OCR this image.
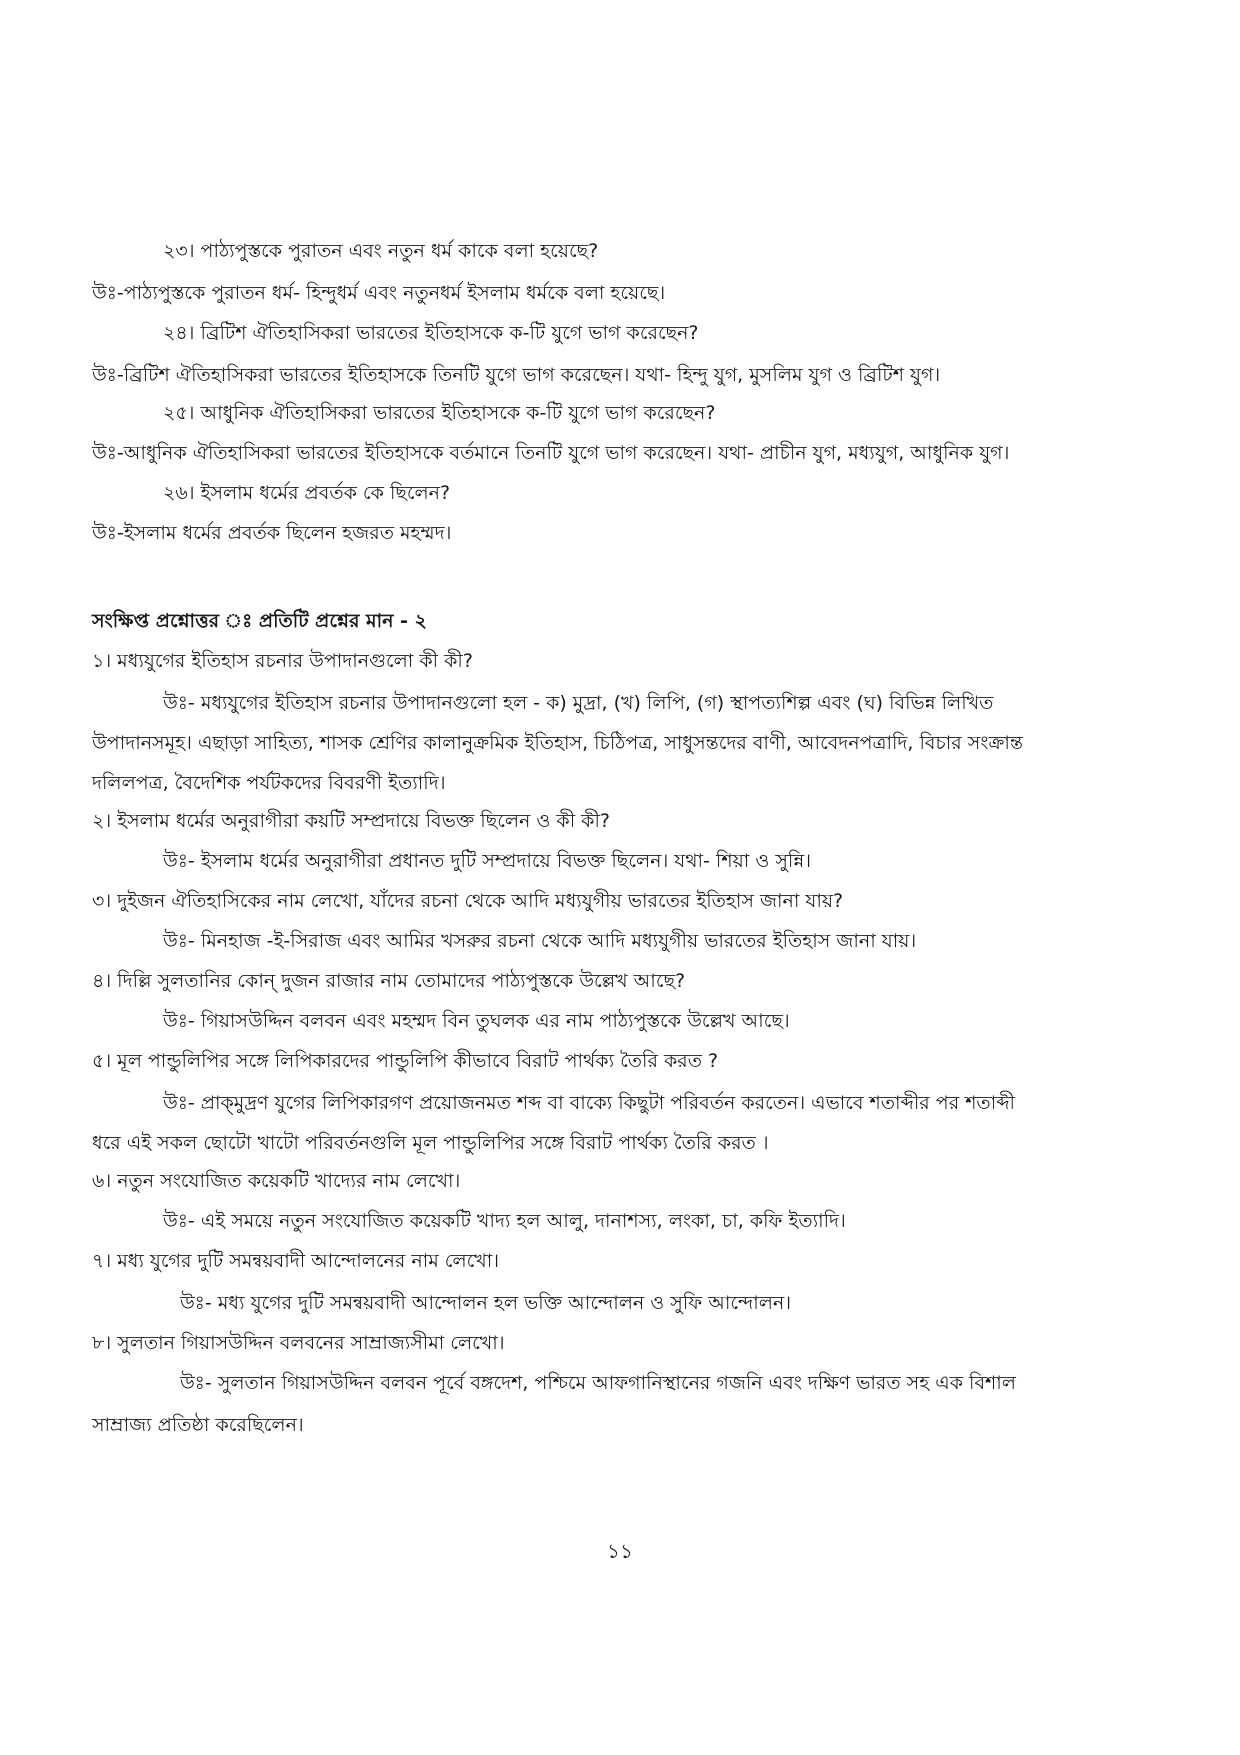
২৩। পাঠ্যপুস্তকে পুরাতন এবং নতুন ধর্ম কাকে বলা হয়েছে?
উঃ-পাঠ্যপুস্তকে পুরাতন ধর্ম- হিন্দুধর্ম এবং নতুনধর্ম ইসলাম ধর্মকে বলা হয়েছে।
২৪। ব্রিটিশ ঐতিহাসিকরা ভারতের ইতিহাসকে ক-টি যুগে ভাগ করেছেন?
উঃ-ব্রিটিশ ঐতিহাসিকরা ভারতের ইতিহাসকে তিনটি যুগে ভাগ করেছেন। যথা- হিন্দু যুগ, মুসলিম যুগ ও ব্রিটিশ যুগ।
২৫। আধুনিক ঐতিহাসিকরা ভারতের ইতিহাসকে ক-টি যুগে ভাগ করেছেন?
উঃ-আধুনিক ঐতিহাসিকরা ভারতের ইতিহাসকে বর্তমানে তিনটি যুগে ভাগ করেছেন। যথা- প্রাচীন যুগ, মধ্যযুগ, আধুনিক যুগ।
২৬। ইসলাম ধর্মের প্রবর্তক কে ছিলেন?
উঃ-ইসলাম ধর্মের প্রবর্তক ছিলেন হজরত মহম্মদ।
সংক্ষিপ্ত প্রশ্নোত্তর ঃ প্রতিটি প্রশ্নের মান - ২
১। মধ্যযুগের ইতিহাস রচনার উপাদানগুলো কী কী?
উঃ- মধ্যযুগের ইতিহাস রচনার উপাদানগুলো হল - ক) মুদ্রা, (খ) লিপি, (গ) স্থাপত্যশিল্প এবং (ঘ) বিভিন্ন লিখিত
উপাদানসমূহ। এছাড়া সাহিত্য, শাসক শ্রেণির কালানুক্রমিক ইতিহাস, চিঠিপত্র, সাধুসন্তদের বাণী, আবেদনপত্রাদি, বিচার সংক্রান্ত
দলিলপত্র, বৈদেশিক পর্যটকদের বিবরণী ইত্যাদি।
২। ইসলাম ধর্মের অনুরাগীরা কয়টি সম্প্রদায়ে বিভক্ত ছিলেন ও কী কী?
উঃ- ইসলাম ধর্মের অনুরাগীরা প্রধানত দুটি সম্প্রদায়ে বিভক্ত ছিলেন। যথা- শিয়া ও সুন্নি।
৩। দুইজন ঐতিহাসিকের নাম লেখো, যাঁদের রচনা থেকে আদি মধ্যযুগীয় ভারতের ইতিহাস জানা যায়?
উঃ- মিনহাজ -ই-সিরাজ এবং আমির খসরুর রচনা থেকে আদি মধ্যযুগীয় ভারতের ইতিহাস জানা যায়।
৪। দিল্লি সুলতানির কোন্ দুজন রাজার নাম তোমাদের পাঠ্যপুস্তকে উল্লেখ আছে?
উঃ- গিয়াসউদ্দিন বলবন এবং মহম্মদ বিন তুঘলক এর নাম পাঠ্যপুস্তকে উল্লেখ আছে।
৫। মূল পান্ডুলিপির সঙ্গে লিপিকারদের পান্ডুলিপি কীভাবে বিরাট পার্থক্য তৈরি করত ?
উঃ- প্রাক্‌মুদ্রণ যুগের লিপিকারগণ প্রয়োজনমত শব্দ বা বাক্যে কিছুটা পরিবর্তন করতেন। এভাবে শতাব্দীর পর শতাব্দী
ধরে এই সকল ছোটো খাটো পরিবর্তনগুলি মূল পান্ডুলিপির সঙ্গে বিরাট পার্থক্য তৈরি করত ।
৬। নতুন সংযোজিত কয়েকটি খাদ্যের নাম লেখো।
উঃ- এই সময়ে নতুন সংযোজিত কয়েকটি খাদ্য হল আলু, দানাশস্য, লংকা, চা, কফি ইত্যাদি।
৭। মধ্য যুগের দুটি সমন্বয়বাদী আন্দোলনের নাম লেখো।
উঃ- মধ্য যুগের দুটি সমন্বয়বাদী আন্দোলন হল ভক্তি আন্দোলন ও সুফি আন্দোলন।
৮। সুলতান গিয়াসউদ্দিন বলবনের সাম্রাজ্যসীমা লেখো।
উঃ- সুলতান গিয়াসউদ্দিন বলবন পূর্বে বঙ্গদেশ, পশ্চিমে আফগানিস্থানের গজনি এবং দক্ষিণ ভারত সহ এক বিশাল
সাম্রাজ্য প্রতিষ্ঠা করেছিলেন।
১১
